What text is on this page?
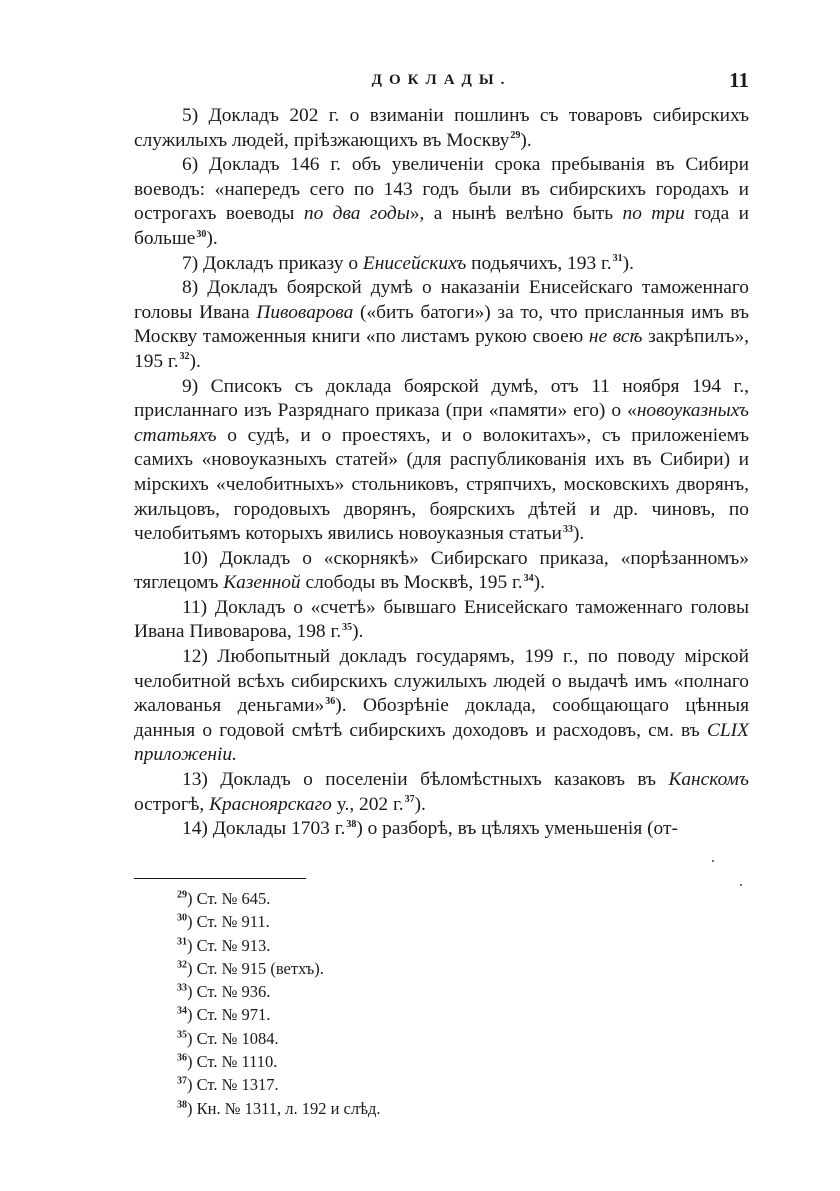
ДОКЛАДЫ.	11

5) Докладъ 202 г. о взиманіи пошлинъ съ товаровъ сибирскихъ служилыхъ людей, пріѣзжающихъ въ Москву$^{29}$).

6) Докладъ 146 г. объ увеличеніи срока пребыванія въ Сибири воеводъ: «напередъ сего по 143 годъ были въ сибирскихъ городахъ и острогахъ воеводы по два годы», а нынѣ велѣно быть по три года и больше$^{30}$).

7) Докладъ приказу о Енисейскихъ подьячихъ, 193 г.$^{31}$).

8) Докладъ боярской думѣ о наказаніи Енисейскаго таможеннаго головы Ивана Пивоварова («бить батоги») за то, что присланныя имъ въ Москву таможенныя книги «по листамъ рукою своею не всѣ закрѣпилъ», 195 г.$^{32}$).

9) Списокъ съ доклада боярской думѣ, отъ 11 ноября 194 г., присланнаго изъ Разряднаго приказа (при «памяти» его) о «новоуказныхъ статьяхъ о судѣ, и о проестяхъ, и о волокитахъ», съ приложеніемъ самихъ «новоуказныхъ статей» (для распубликованія ихъ въ Сибири) и мірскихъ «челобитныхъ» стольниковъ, стряпчихъ, московскихъ дворянъ, жильцовъ, городовыхъ дворянъ, боярскихъ дѣтей и др. чиновъ, по челобитьямъ которыхъ явились новоуказныя статьи$^{33}$).

10) Докладъ о «скорнякѣ» Сибирскаго приказа, «порѣзанномъ» тяглецомъ Казенной слободы въ Москвѣ, 195 г.$^{34}$).

11) Докладъ о «счетѣ» бывшаго Енисейскаго таможеннаго головы Ивана Пивоварова, 198 г.$^{35}$).

12) Любопытный докладъ государямъ, 199 г., по поводу мірской челобитной всѣхъ сибирскихъ служилыхъ людей о выдачѣ имъ «полнаго жалованья деньгами»$^{36}$). Обозрѣніе доклада, сообщающаго цѣнныя данныя о годовой смѣтѣ сибирскихъ доходовъ и расходовъ, см. въ CLIX приложеніи.

13) Докладъ о поселеніи бѣломѣстныхъ казаковъ въ Канскомъ острогѣ, Красноярскаго у., 202 г.$^{37}$).

14) Доклады 1703 г.$^{38}$) о разборѣ, въ цѣляхъ уменьшенія (от-

$^{29}$) Ст. № 645.
$^{30}$) Ст. № 911.
$^{31}$) Ст. № 913.
$^{32}$) Ст. № 915 (ветхъ).
$^{33}$) Ст. № 936.
$^{34}$) Ст. № 971.
$^{35}$) Ст. № 1084.
$^{36}$) Ст. № 1110.
$^{37}$) Ст. № 1317.
$^{38}$) Кн. № 1311, л. 192 и слѣд.
